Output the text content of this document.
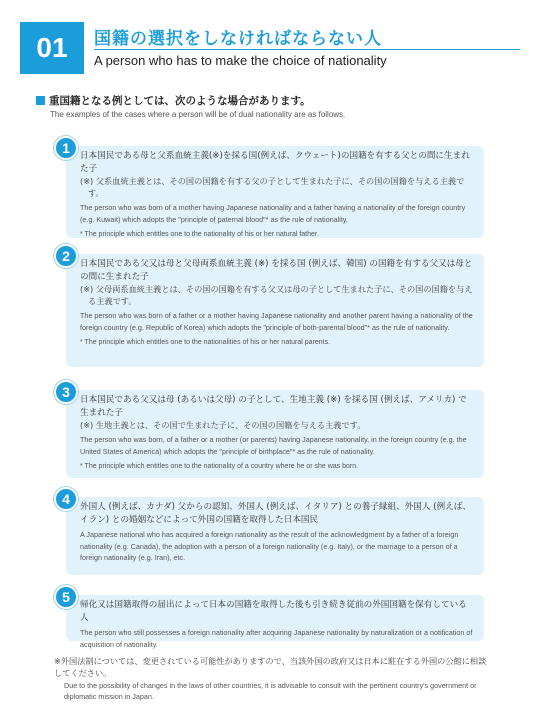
01	国籍の選択をしなければならない人
A person who has to make the choice of nationality
重国籍となる例としては、次のような場合があります。
The examples of the cases where a person will be of dual nationality are as follows.
1	日本国民である母と父系血統主義(※)を採る国(例えば、クウェート)の国籍を有する父との間に生まれた子
(※) 父系血統主義とは、その国の国籍を有する父の子として生まれた子に、その国の国籍を与える主義です。
The person who was born of a mother having Japanese nationality and a father having a nationality of the foreign country (e.g. Kuwait) which adopts the "principle of paternal blood"* as the rule of nationality.
* The principle which entitles one to the nationality of his or her natural father.
2	日本国民である父又は母と父母両系血統主義 (※) を採る国 (例えば、韓国) の国籍を有する父又は母との間に生まれた子
(※) 父母両系血統主義とは、その国の国籍を有する父又は母の子として生まれた子に、その国の国籍を与える主義です。
The person who was born of a father or a mother having Japanese nationality and another parent having a nationality of the foreign country (e.g. Republic of Korea) which adopts the "principle of both-parental blood"* as the rule of nationality.
* The principle which entitles one to the nationalities of his or her natural parents.
3	日本国民である父又は母 (あるいは父母) の子として、生地主義 (※) を採る国 (例えば、アメリカ) で生まれた子
(※) 生地主義とは、その国で生まれた子に、その国の国籍を与える主義です。
The person who was born, of a father or a mother (or parents) having Japanese nationality, in the foreign country (e.g. the United States of America) which adopts the "principle of birthplace"* as the rule of nationality.
* The principle which entitles one to the nationality of a country where he or she was born.
4	外国人 (例えば、カナダ) 父からの認知、外国人 (例えば、イタリア) との養子縁組、外国人 (例えば、イラン) との婚姻などによって外国の国籍を取得した日本国民
A Japanese national who has acquired a foreign nationality as the result of the acknowledgment by a father of a foreign nationality (e.g. Canada), the adoption with a person of a foreign nationality (e.g. Italy), or the marriage to a person of a foreign nationality (e.g. Iran), etc.
5	帰化又は国籍取得の届出によって日本の国籍を取得した後も引き続き従前の外国国籍を保有している人
The person who still possesses a foreign nationality after acquiring Japanese nationality by naturalization or a notification of acquisition of nationality.
※外国法制については、変更されている可能性がありますので、当該外国の政府又は日本に駐在する外国の公館に相談してください。
Due to the possibility of changes in the laws of other countries, it is advisable to consult with the pertinent country's government or diplomatic mission in Japan.
